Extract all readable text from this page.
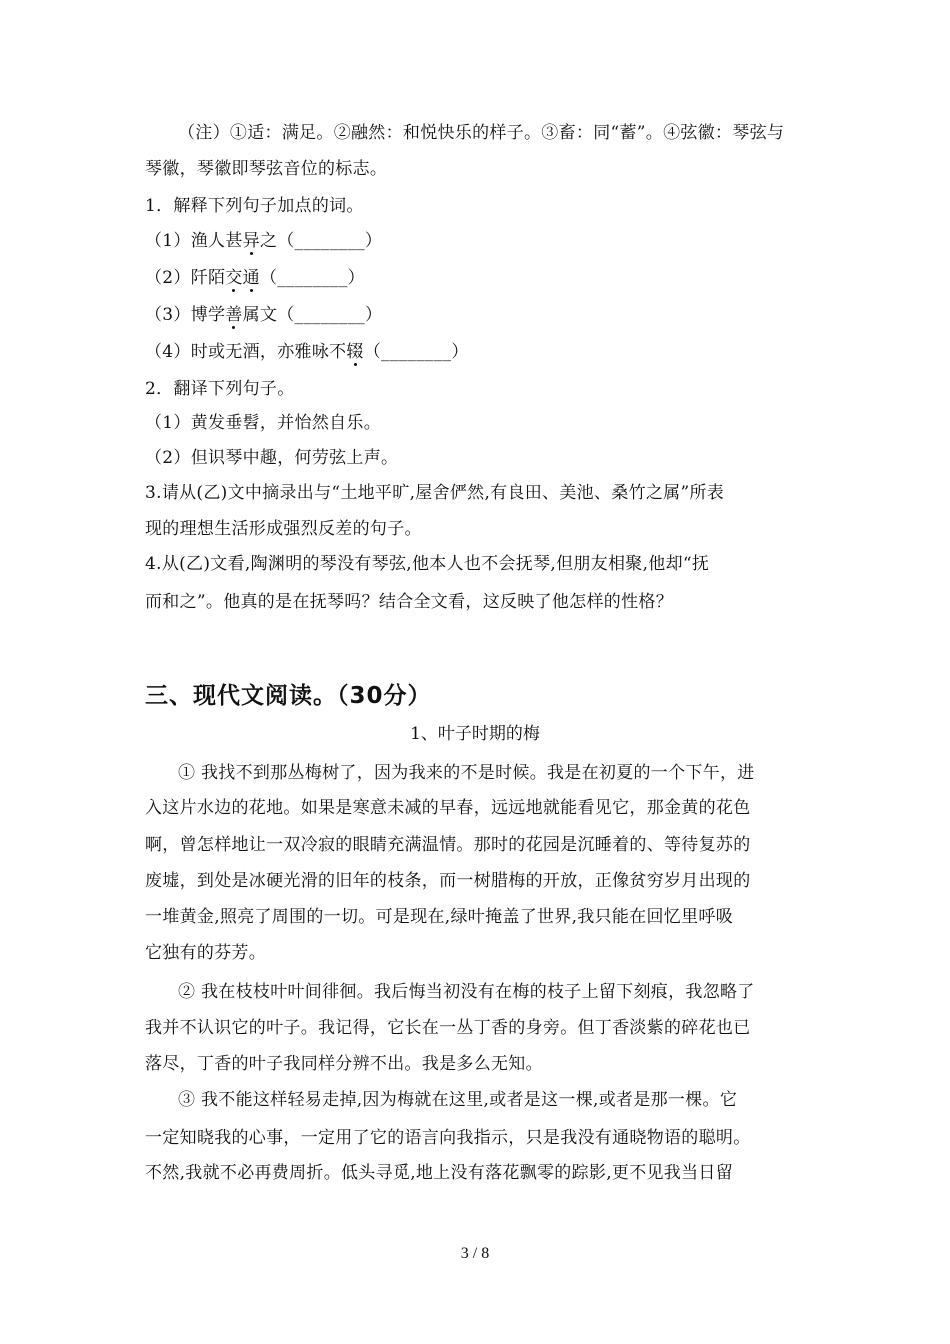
（注）①适：满足。②融然：和悦快乐的样子。③畜：同“蓄”。④弦徽：琴弦与
琴徽，琴徽即琴弦音位的标志。
1．解释下列句子加点的词。
（1）渔人甚异之（________）
（2）阡陌交通（________）
（3）博学善属文（________）
（4）时或无酒，亦雅咏不辍（________）
2．翻译下列句子。
（1）黄发垂髫，并怡然自乐。
（2）但识琴中趣，何劳弦上声。
3.请从(乙)文中摘录出与“土地平旷,屋舍俨然,有良田、美池、桑竹之属”所表
现的理想生活形成强烈反差的句子。
4.从(乙)文看,陶渊明的琴没有琴弦,他本人也不会抚琴,但朋友相聚,他却“抚
而和之”。他真的是在抚琴吗？结合全文看，这反映了他怎样的性格？
三、现代文阅读。（30分）
1、叶子时期的梅
① 我找不到那丛梅树了，因为我来的不是时候。我是在初夏的一个下午，进
入这片水边的花地。如果是寒意未减的早春，远远地就能看见它，那金黄的花色
啊，曾怎样地让一双冷寂的眼睛充满温情。那时的花园是沉睡着的、等待复苏的
废墟，到处是冰硬光滑的旧年的枝条，而一树腊梅的开放，正像贫穷岁月出现的
一堆黄金,照亮了周围的一切。可是现在,绿叶掩盖了世界,我只能在回忆里呼吸
它独有的芬芳。
② 我在枝枝叶叶间徘徊。我后悔当初没有在梅的枝子上留下刻痕，我忽略了
我并不认识它的叶子。我记得，它长在一丛丁香的身旁。但丁香淡紫的碎花也已
落尽，丁香的叶子我同样分辨不出。我是多么无知。
③ 我不能这样轻易走掉,因为梅就在这里,或者是这一棵,或者是那一棵。它
一定知晓我的心事，一定用了它的语言向我指示，只是我没有通晓物语的聪明。
不然,我就不必再费周折。低头寻觅,地上没有落花飘零的踪影,更不见我当日留
3 / 8
